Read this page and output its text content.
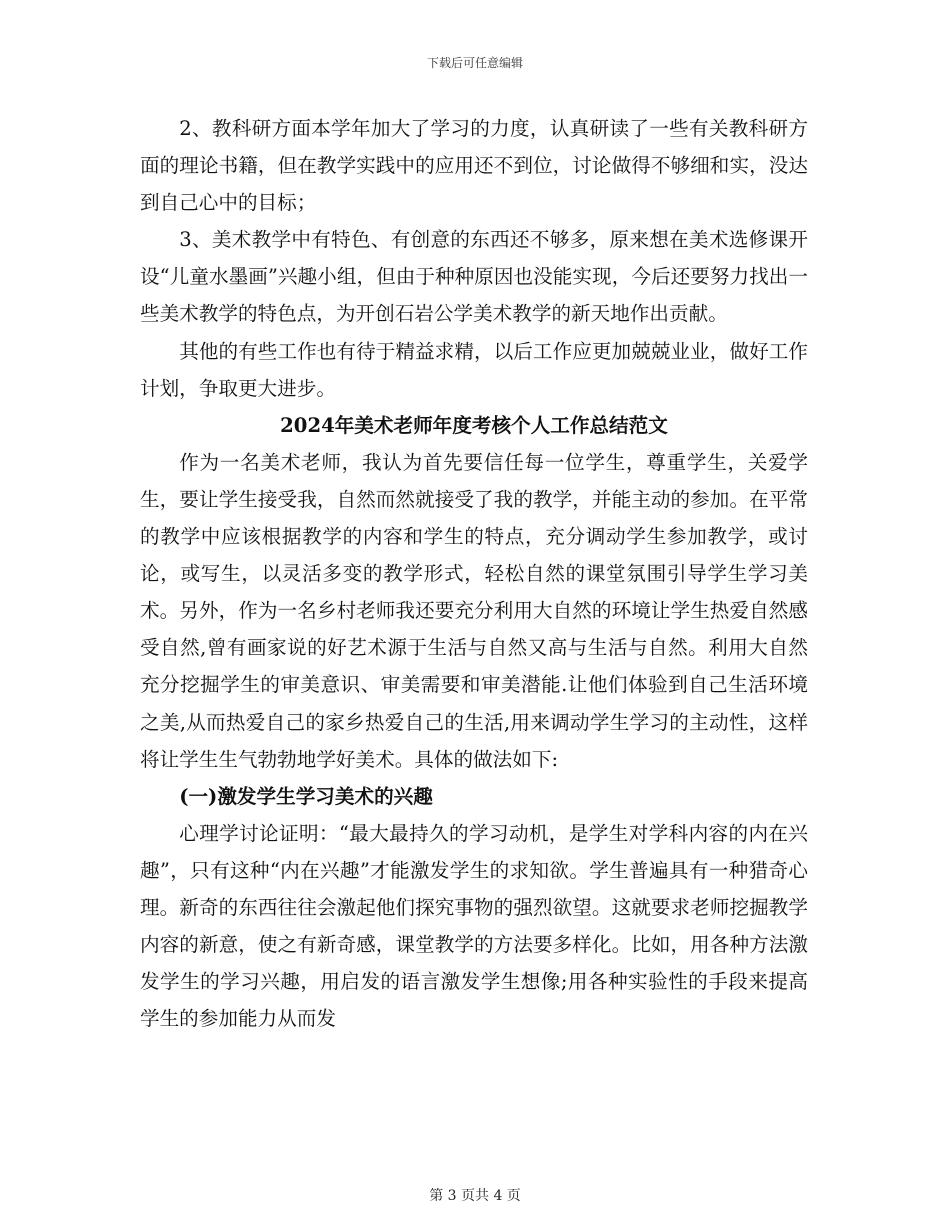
下载后可任意编辑

2、教科研方面本学年加大了学习的力度，认真研读了一些有关教科研方面的理论书籍，但在教学实践中的应用还不到位，讨论做得不够细和实，没达到自己心中的目标；

3、美术教学中有特色、有创意的东西还不够多，原来想在美术选修课开设“儿童水墨画”兴趣小组，但由于种种原因也没能实现，今后还要努力找出一些美术教学的特色点，为开创石岩公学美术教学的新天地作出贡献。

其他的有些工作也有待于精益求精，以后工作应更加兢兢业业，做好工作计划，争取更大进步。

2024年美术老师年度考核个人工作总结范文

作为一名美术老师，我认为首先要信任每一位学生，尊重学生，关爱学生，要让学生接受我，自然而然就接受了我的教学，并能主动的参加。在平常的教学中应该根据教学的内容和学生的特点，充分调动学生参加教学，或讨论，或写生，以灵活多变的教学形式，轻松自然的课堂氛围引导学生学习美术。另外，作为一名乡村老师我还要充分利用大自然的环境让学生热爱自然感受自然,曾有画家说的好艺术源于生活与自然又高与生活与自然。利用大自然充分挖掘学生的审美意识、审美需要和审美潜能.让他们体验到自己生活环境之美,从而热爱自己的家乡热爱自己的生活,用来调动学生学习的主动性，这样将让学生生气勃勃地学好美术。具体的做法如下:

(一)激发学生学习美术的兴趣

心理学讨论证明：“最大最持久的学习动机，是学生对学科内容的内在兴趣”，只有这种“内在兴趣”才能激发学生的求知欲。学生普遍具有一种猎奇心理。新奇的东西往往会激起他们探究事物的强烈欲望。这就要求老师挖掘教学内容的新意，使之有新奇感，课堂教学的方法要多样化。比如，用各种方法激发学生的学习兴趣，用启发的语言激发学生想像;用各种实验性的手段来提高学生的参加能力从而发

第 3 页共 4 页
